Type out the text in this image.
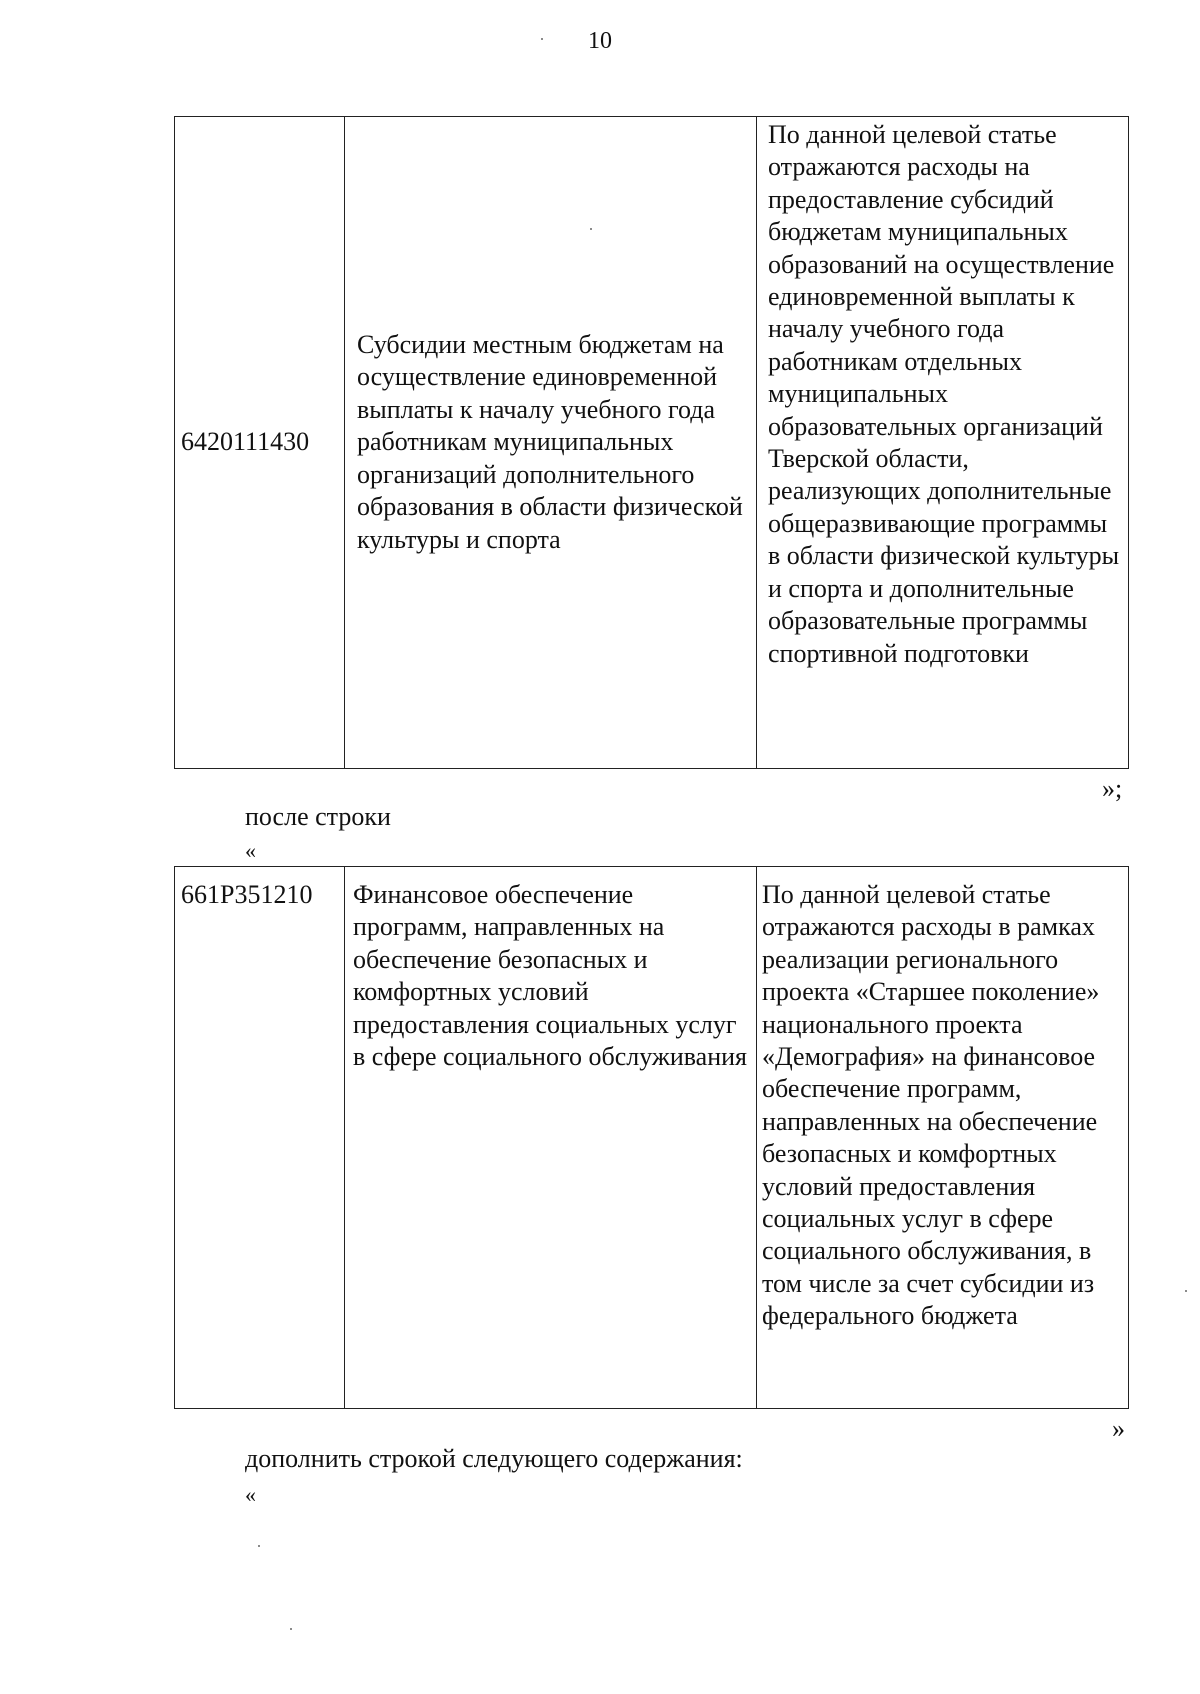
10
6420111430	Субсидии местным бюджетам на осуществление единовременной выплаты к началу учебного года работникам муниципальных организаций дополнительного образования в области физической культуры и спорта	По данной целевой статье отражаются расходы на предоставление субсидий бюджетам муниципальных образований на осуществление единовременной выплаты к началу учебного года работникам отдельных муниципальных образовательных организаций Тверской области, реализующих дополнительные общеразвивающие программы в области физической культуры и спорта и дополнительные образовательные программы спортивной подготовки
»;
после строки
«
661P351210	Финансовое обеспечение программ, направленных на обеспечение безопасных и комфортных условий предоставления социальных услуг в сфере социального обслуживания	По данной целевой статье отражаются расходы в рамках реализации регионального проекта «Старшее поколение» национального проекта «Демография» на финансовое обеспечение программ, направленных на обеспечение безопасных и комфортных условий предоставления социальных услуг в сфере социального обслуживания, в том числе за счет субсидии из федерального бюджета
»
дополнить строкой следующего содержания:
«
